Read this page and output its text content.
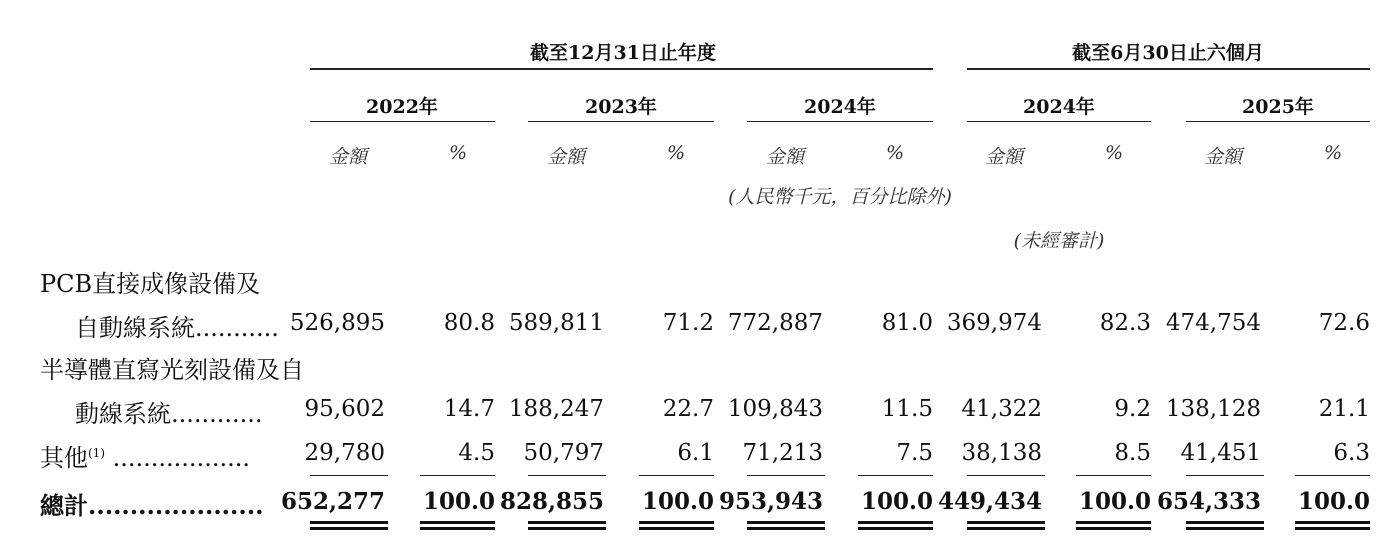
截至12月31日止年度	截至6月30日止六個月
2022年	2023年	2024年	2024年	2025年
金額	%	金額	%	金額	%	金額	%	金額	%
(人民幣千元，百分比除外)
(未經審計)
PCB直接成像設備及
自動線系統........... 526,895	80.8 589,811	71.2 772,887	81.0 369,974	82.3 474,754	72.6
半導體直寫光刻設備及自
動線系統............ 95,602	14.7 188,247	22.7 109,843	11.5 41,322	9.2 138,128	21.1
其他$^{(1)}$ .................. 29,780	4.5 50,797	6.1 71,213	7.5 38,138	8.5 41,451	6.3
總計..................... 652,277 100.0 828,855 100.0 953,943 100.0 449,434 100.0 654,333 100.0
